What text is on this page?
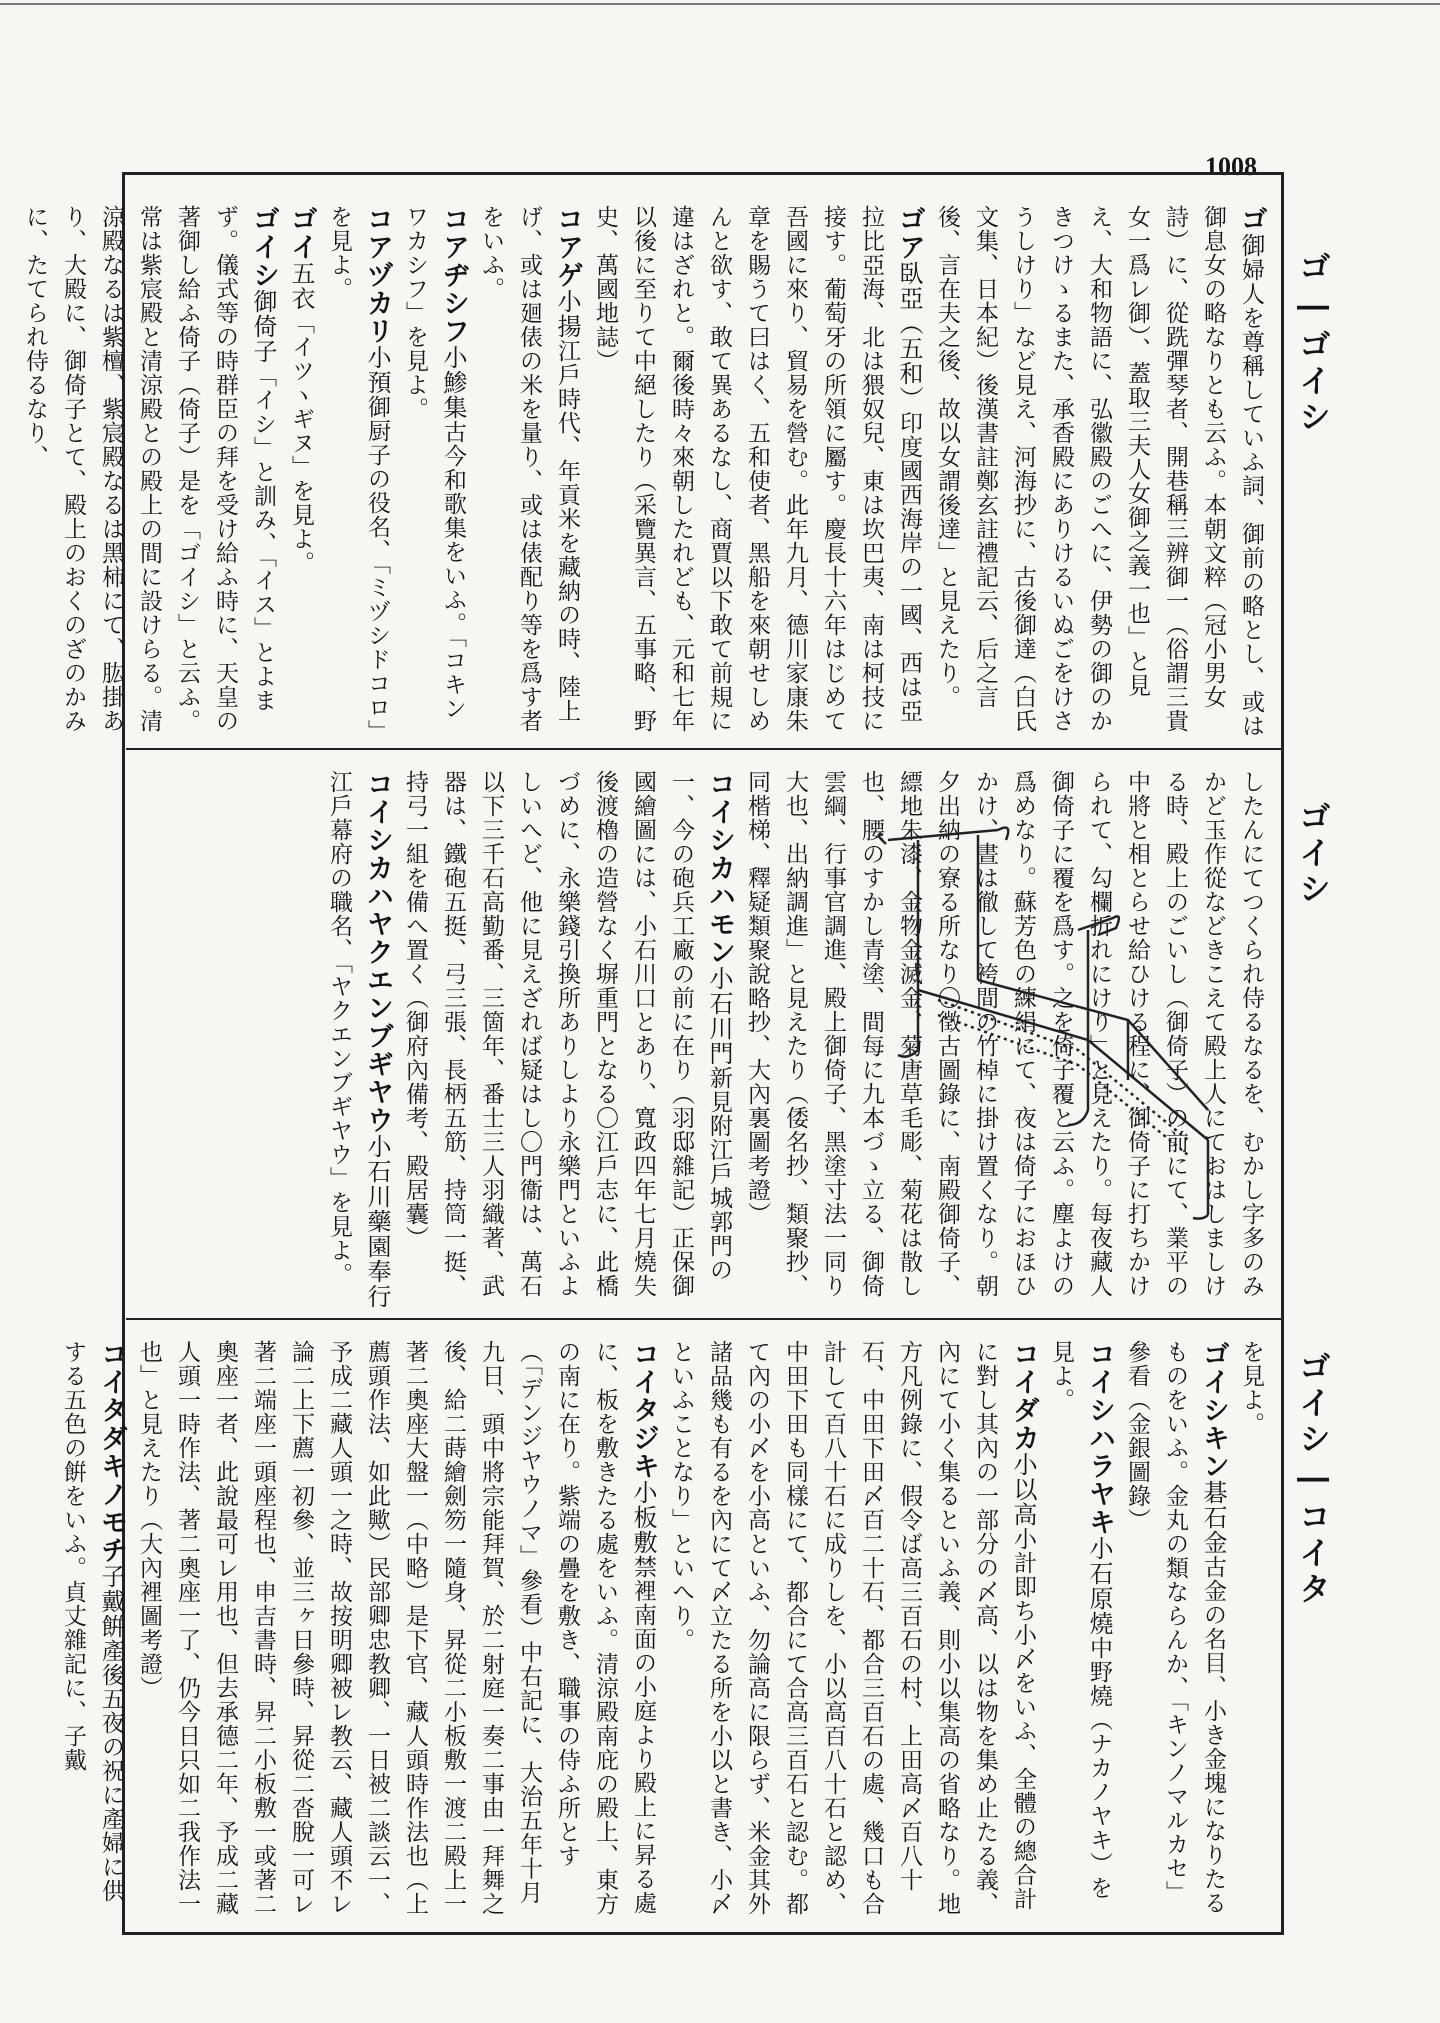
1008
ゴ―ゴイシ
ゴイシ
ゴイシ―コイタ

ゴ御婦人を尊稱していふ詞、御前の略とし、或は御息女の略なりとも云ふ。本朝文粹（冠小男女詩）に、從跣彈琴者、開巷稱三辨御一（俗謂三貴女一爲レ御）、蓋取三夫人女御之義一也」と見え、大和物語に、弘徽殿のごへに、伊勢の御のかきつけゝるまた、承香殿にありけるいぬごをけさうしけり」など見え、河海抄に、古後御達（白氏文集、日本紀）後漢書註鄭玄註禮記云、后之言後、言在夫之後、故以女謂後達」と見えたり。

ゴア臥亞（五和）印度國西海岸の一國、西は亞拉比亞海、北は猥奴兒、東は坎巴夷、南は柯技に接す。葡萄牙の所領に屬す。慶長十六年はじめて吾國に來り、貿易を營む。此年九月、德川家康朱章を賜うて曰はく、五和使者、黑船を來朝せしめんと欲す、敢て異あるなし、商賈以下敢て前規に違はざれと。爾後時々來朝したれども、元和七年以後に至りて中絕したり（采覽異言、五事略、野史、萬國地誌）

コアゲ小揚江戶時代、年貢米を藏納の時、陸上げ、或は廻俵の米を量り、或は俵配り等を爲す者をいふ。

コアヂシフ小鯵集古今和歌集をいふ。「コキンワカシフ」を見よ。

コアヅカリ小預御厨子の役名、「ミヅシドコロ」を見よ。

ゴイ五衣「イツヽギヌ」を見よ。

ゴイシ御倚子「イシ」と訓み、「イス」とよまず。儀式等の時群臣の拜を受け給ふ時に、天皇の著御し給ふ倚子（倚子）是を「ゴイシ」と云ふ。常は紫宸殿と清涼殿との殿上の間に設けらる。清涼殿なるは紫檀、紫宸殿なるは黑柿にて、肱掛あり、大殿に、御倚子とて、殿上のおくのざのかみに、たてられ侍るなり、

したんにてつくられ侍るなるを、むかし字多のみかど玉作從などきこえて殿上人にておはしましける時、殿上のごいし（御倚子）の前にて、業平の中將と相とらせ給ひける程に、御倚子に打ちかけられて、勾欄折れにけり」と見えたり。每夜藏人御倚子に覆を爲す。之を倚子覆と云ふ。塵よけの爲めなり。蘇芳色の練絹にて、夜は倚子におほひかけ、晝は徹して袴間の竹棹に掛け置くなり。朝夕出納の寮る所なり〇徵古圖錄に、南殿御倚子、縹地朱漆、金物金滅金、菊唐草毛彫、菊花は散し也、腰のすかし青塗、間每に九本づゝ立る、御倚雲綱、行事官調進、殿上御倚子、黑塗寸法一同り大也、出納調進」と見えたり（倭名抄、類聚抄、同楷梯、釋疑類聚說略抄、大內裏圖考證）

コイシカハモン小石川門新見附江戶城郭門の一、今の砲兵工廠の前に在り（羽邸雜記）正保御國繪圖には、小石川口とあり、寬政四年七月燒失後渡櫓の造營なく塀重門となる〇江戶志に、此橋づめに、永樂錢引換所ありしより永樂門といふよしいへど、他に見えざれば疑はし〇門衞は、萬石以下三千石高勤番、三箇年、番士三人羽織著、武器は、鐵砲五挺、弓三張、長柄五筋、持筒一挺、持弓一組を備へ置く（御府內備考、殿居囊）

コイシカハヤクエンブギヤウ小石川藥園奉行江戶幕府の職名、「ヤクエンブギヤウ」を見よ。

を見よ。

ゴイシキン碁石金古金の名目、小き金塊になりたるものをいふ。金丸の類ならんか、「キンノマルカセ」參看（金銀圖錄）

コイシハラヤキ小石原燒中野燒（ナカノヤキ）を見よ。

コイダカ小以高小計即ち小〆をいふ、全體の總合計に對し其內の一部分の〆高、以は物を集め止たる義、內にて小く集るといふ義、則小以集高の省略なり。地方凡例錄に、假令ば高三百石の村、上田高〆百八十石、中田下田〆百二十石、都合三百石の處、幾口も合計して百八十石に成りしを、小以高百八十石と認め、中田下田も同樣にて、都合にて合高三百石と認む。都て內の小〆を小高といふ、勿論高に限らず、米金其外諸品幾も有るを內にて〆立たる所を小以と書き、小〆といふことなり」といへり。

コイタジキ小板敷禁裡南面の小庭より殿上に昇る處に、板を敷きたる處をいふ。清涼殿南庇の殿上、東方の南に在り。紫端の疊を敷き、職事の侍ふ所とす（「デンジヤウノマ」參看）中右記に、大治五年十月九日、頭中將宗能拜賀、於二射庭一奏二事由一拜舞之後、給二蒔繪劍笏一隨身、昇從二小板敷一渡二殿上一著二奧座大盤一（中略）是下官、藏人頭時作法也（上薦頭作法、如此歟）民部卿忠教卿、一日被二談云一、予成二藏人頭一之時、故按明卿被レ教云、藏人頭不レ論二上下薦一初參、並三ヶ日參時、昇從二沓脫一可レ著二端座一頭座程也、申吉書時、昇二小板敷一或著二奧座一者、此說最可レ用也、但去承德二年、予成二藏人頭一時作法、著二奧座一了、仍今日只如二我作法一也」と見えたり（大內裡圖考證）

コイタダキノモチ子戴餠產後五夜の祝に產婦に供する五色の餠をいふ。貞丈雜記に、子戴
